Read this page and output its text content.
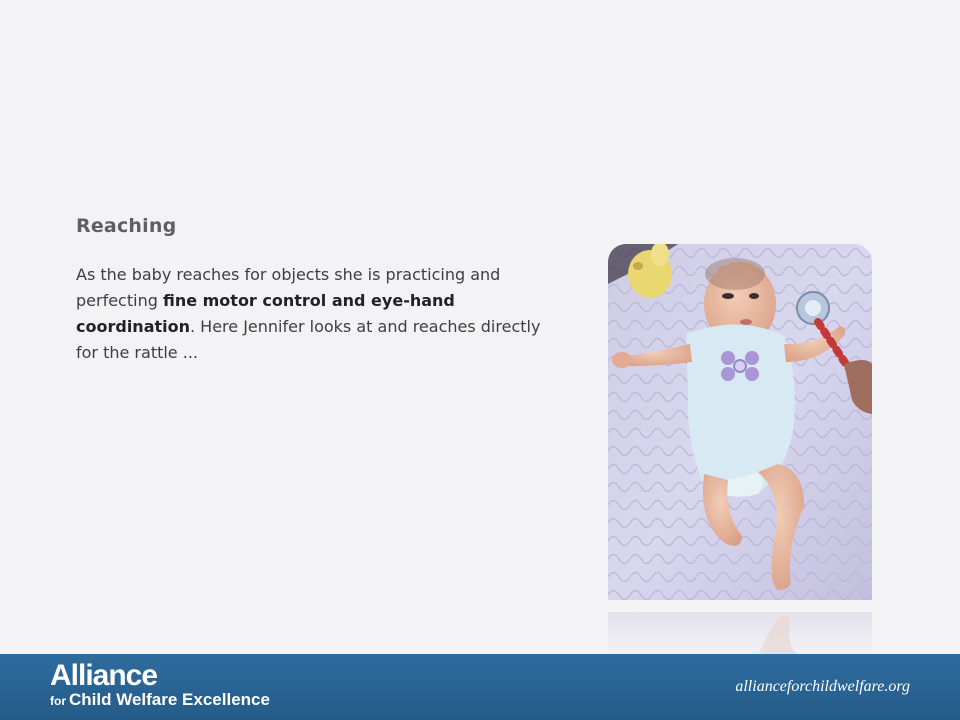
Reaching
As the baby reaches for objects she is practicing and perfecting fine motor control and eye-hand coordination. Here Jennifer looks at and reaches directly for the rattle ...
Alliance
for Child Welfare Excellence
allianceforchildwelfare.org
